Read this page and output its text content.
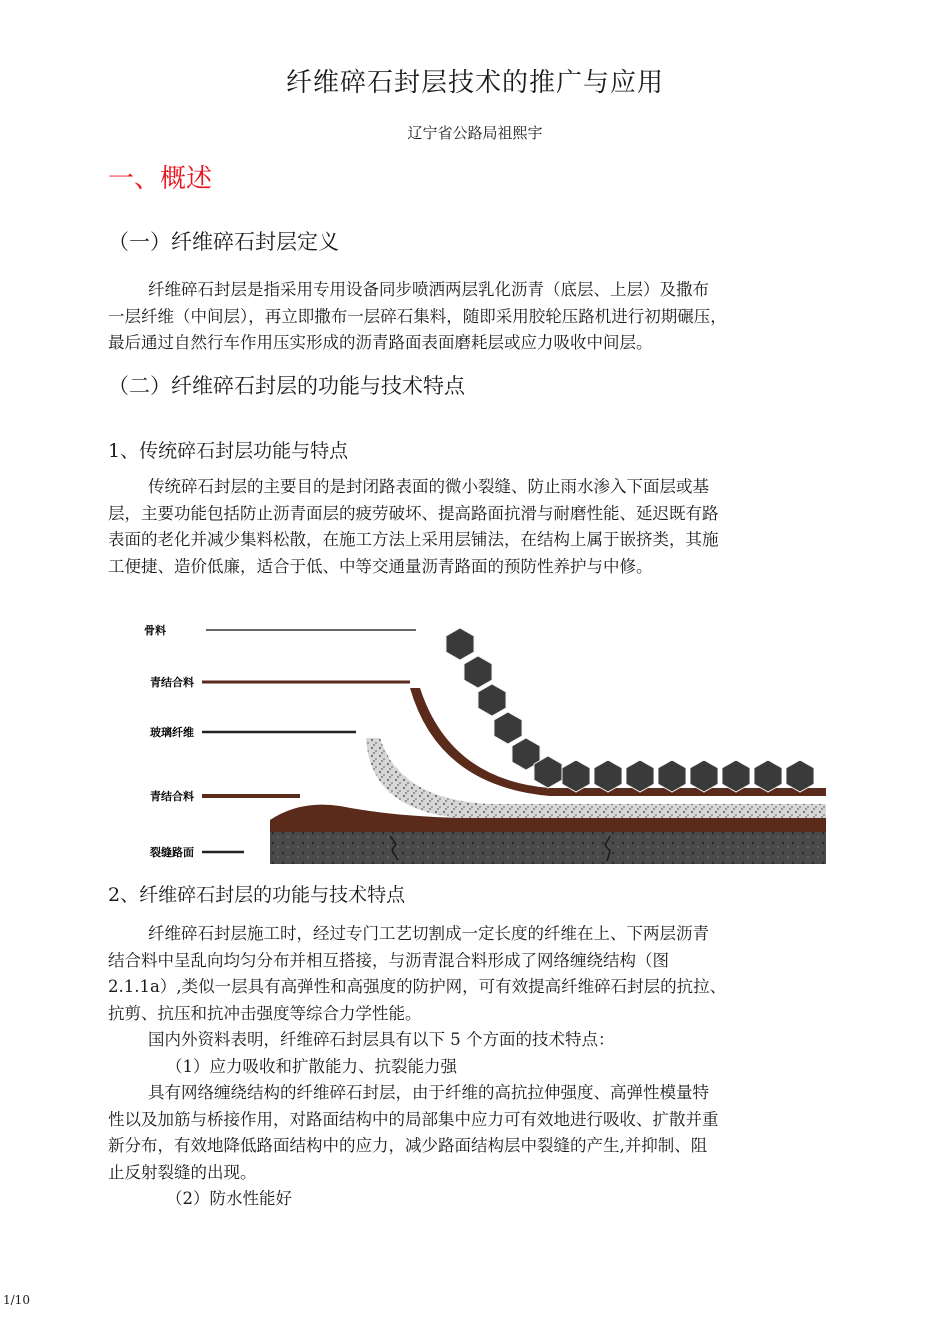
纤维碎石封层技术的推广与应用
辽宁省公路局祖熙宇
一、概述
（一）纤维碎石封层定义
纤维碎石封层是指采用专用设备同步喷洒两层乳化沥青（底层、上层）及撒布
一层纤维（中间层），再立即撒布一层碎石集料，随即采用胶轮压路机进行初期碾压，
最后通过自然行车作用压实形成的沥青路面表面磨耗层或应力吸收中间层。
（二）纤维碎石封层的功能与技术特点
1、传统碎石封层功能与特点
传统碎石封层的主要目的是封闭路表面的微小裂缝、防止雨水渗入下面层或基
层，主要功能包括防止沥青面层的疲劳破坏、提高路面抗滑与耐磨性能、延迟既有路
表面的老化并减少集料松散，在施工方法上采用层铺法，在结构上属于嵌挤类，其施
工便捷、造价低廉，适合于低、中等交通量沥青路面的预防性养护与中修。
骨料
青结合料
玻璃纤维
青结合料
裂缝路面
2、纤维碎石封层的功能与技术特点
纤维碎石封层施工时，经过专门工艺切割成一定长度的纤维在上、下两层沥青
结合料中呈乱向均匀分布并相互搭接，与沥青混合料形成了网络缠绕结构（图
2.1.1a）,类似一层具有高弹性和高强度的防护网，可有效提高纤维碎石封层的抗拉、
抗剪、抗压和抗冲击强度等综合力学性能。
国内外资料表明，纤维碎石封层具有以下 5 个方面的技术特点：
（1）应力吸收和扩散能力、抗裂能力强
具有网络缠绕结构的纤维碎石封层，由于纤维的高抗拉伸强度、高弹性模量特
性以及加筋与桥接作用，对路面结构中的局部集中应力可有效地进行吸收、扩散并重
新分布，有效地降低路面结构中的应力，减少路面结构层中裂缝的产生,并抑制、阻
止反射裂缝的出现。
（2）防水性能好
1/10
